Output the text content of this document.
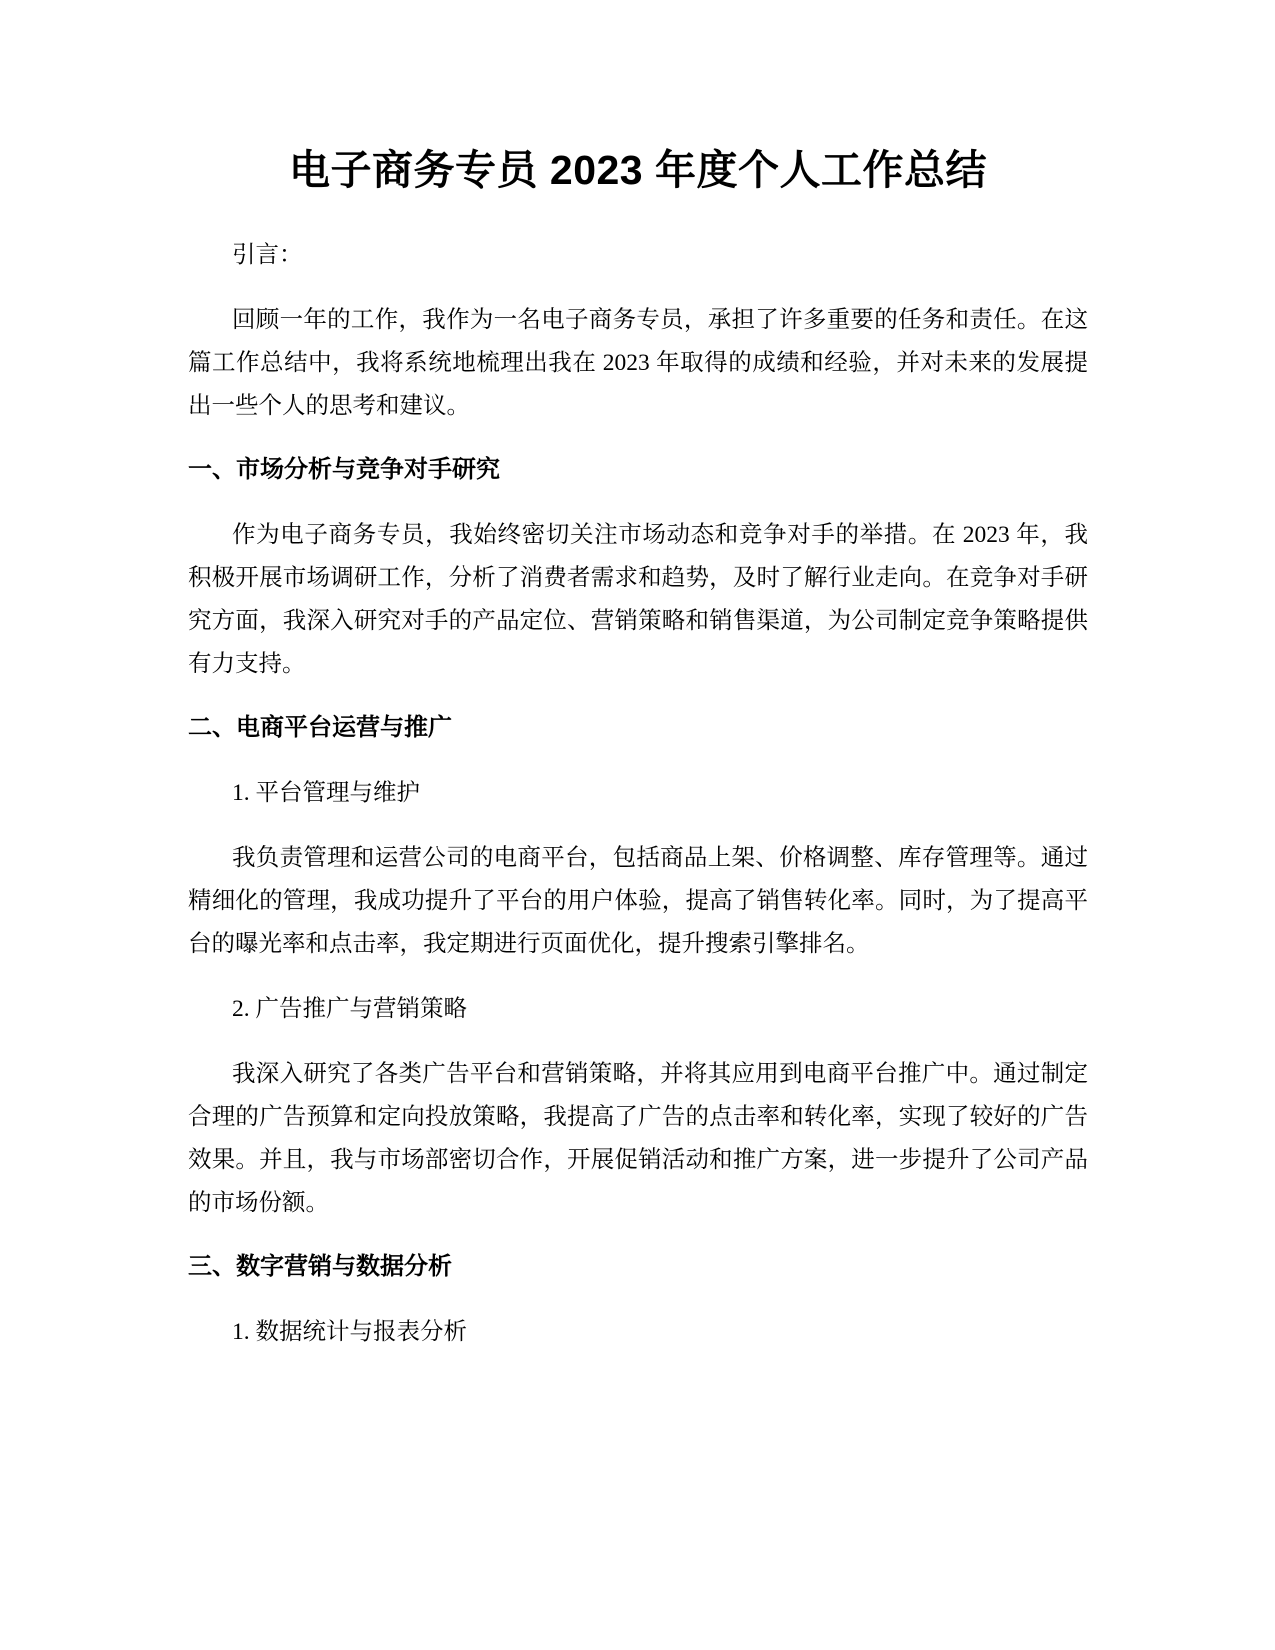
电子商务专员 2023 年度个人工作总结

引言：

回顾一年的工作，我作为一名电子商务专员，承担了许多重要的任务和责任。在这篇工作总结中，我将系统地梳理出我在 2023 年取得的成绩和经验，并对未来的发展提出一些个人的思考和建议。

一、市场分析与竞争对手研究

作为电子商务专员，我始终密切关注市场动态和竞争对手的举措。在 2023 年，我积极开展市场调研工作，分析了消费者需求和趋势，及时了解行业走向。在竞争对手研究方面，我深入研究对手的产品定位、营销策略和销售渠道，为公司制定竞争策略提供有力支持。

二、电商平台运营与推广

1. 平台管理与维护

我负责管理和运营公司的电商平台，包括商品上架、价格调整、库存管理等。通过精细化的管理，我成功提升了平台的用户体验，提高了销售转化率。同时，为了提高平台的曝光率和点击率，我定期进行页面优化，提升搜索引擎排名。

2. 广告推广与营销策略

我深入研究了各类广告平台和营销策略，并将其应用到电商平台推广中。通过制定合理的广告预算和定向投放策略，我提高了广告的点击率和转化率，实现了较好的广告效果。并且，我与市场部密切合作，开展促销活动和推广方案，进一步提升了公司产品的市场份额。

三、数字营销与数据分析

1. 数据统计与报表分析
